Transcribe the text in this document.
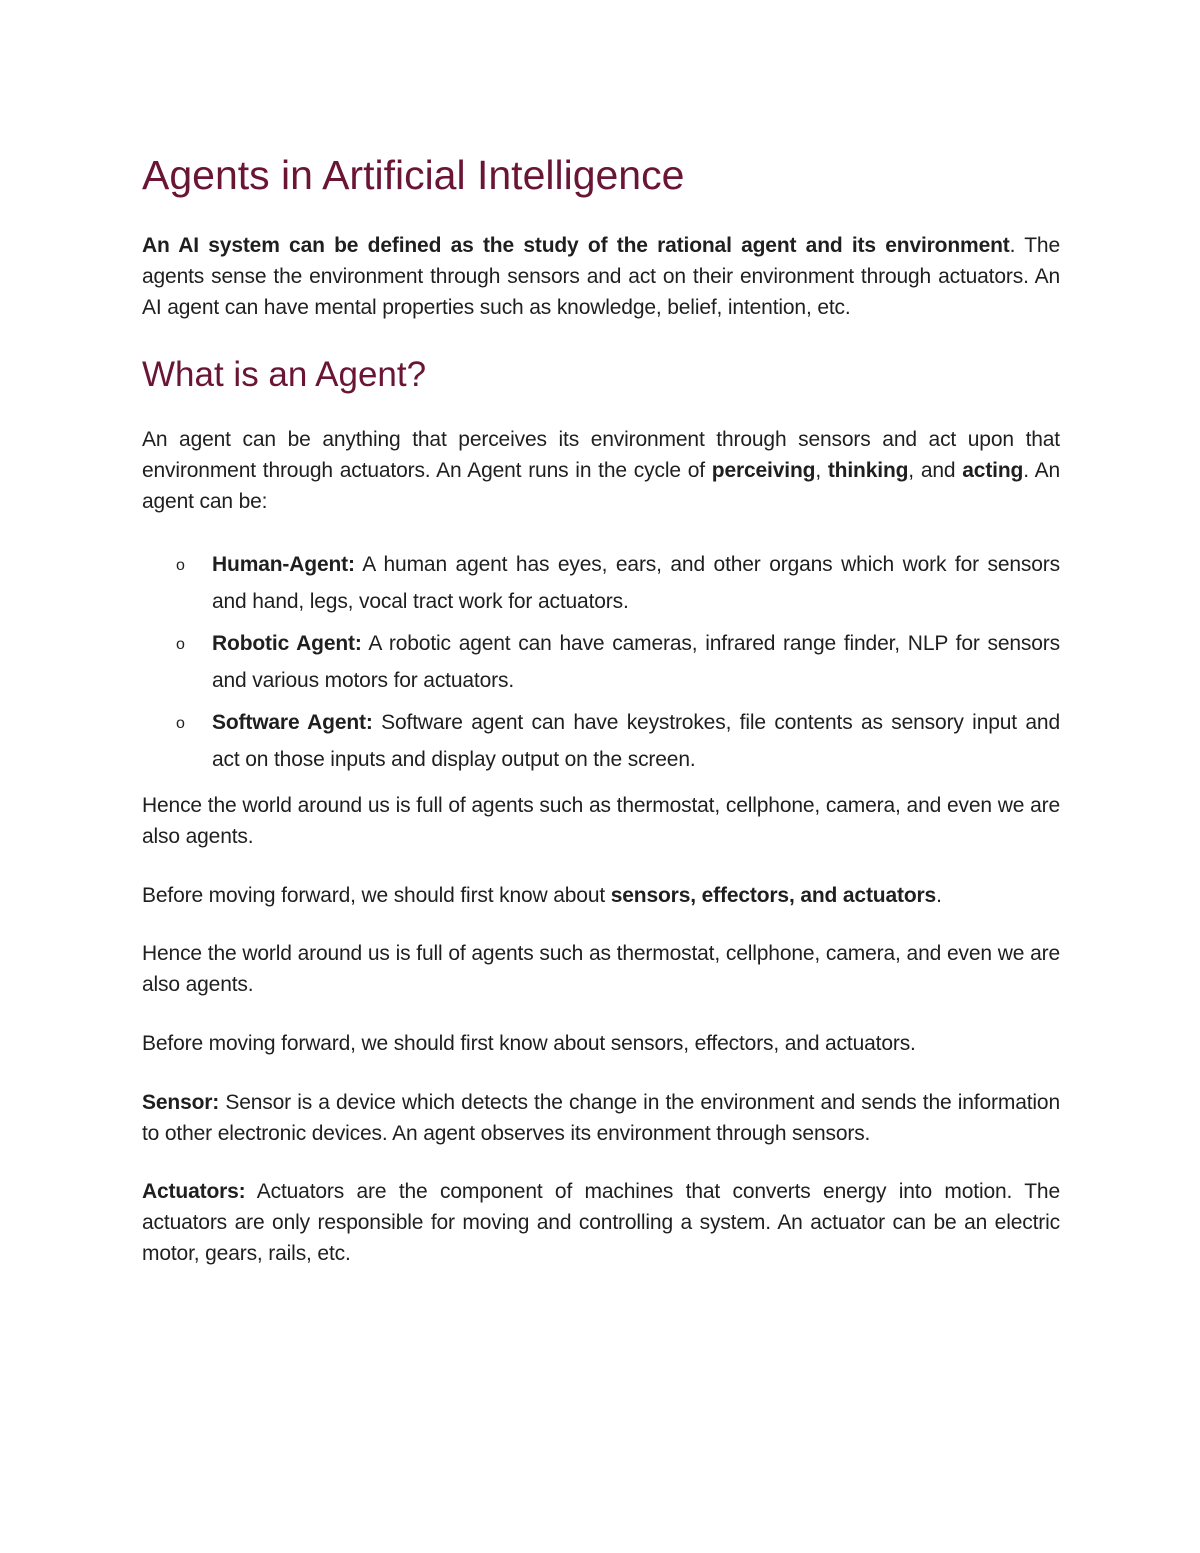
Agents in Artificial Intelligence

An AI system can be defined as the study of the rational agent and its environment. The agents sense the environment through sensors and act on their environment through actuators. An AI agent can have mental properties such as knowledge, belief, intention, etc.

What is an Agent?

An agent can be anything that perceives its environment through sensors and act upon that environment through actuators. An Agent runs in the cycle of perceiving, thinking, and acting. An agent can be:

o Human-Agent: A human agent has eyes, ears, and other organs which work for sensors and hand, legs, vocal tract work for actuators.
o Robotic Agent: A robotic agent can have cameras, infrared range finder, NLP for sensors and various motors for actuators.
o Software Agent: Software agent can have keystrokes, file contents as sensory input and act on those inputs and display output on the screen.

Hence the world around us is full of agents such as thermostat, cellphone, camera, and even we are also agents.

Before moving forward, we should first know about sensors, effectors, and actuators.

Hence the world around us is full of agents such as thermostat, cellphone, camera, and even we are also agents.

Before moving forward, we should first know about sensors, effectors, and actuators.

Sensor: Sensor is a device which detects the change in the environment and sends the information to other electronic devices. An agent observes its environment through sensors.

Actuators: Actuators are the component of machines that converts energy into motion. The actuators are only responsible for moving and controlling a system. An actuator can be an electric motor, gears, rails, etc.
